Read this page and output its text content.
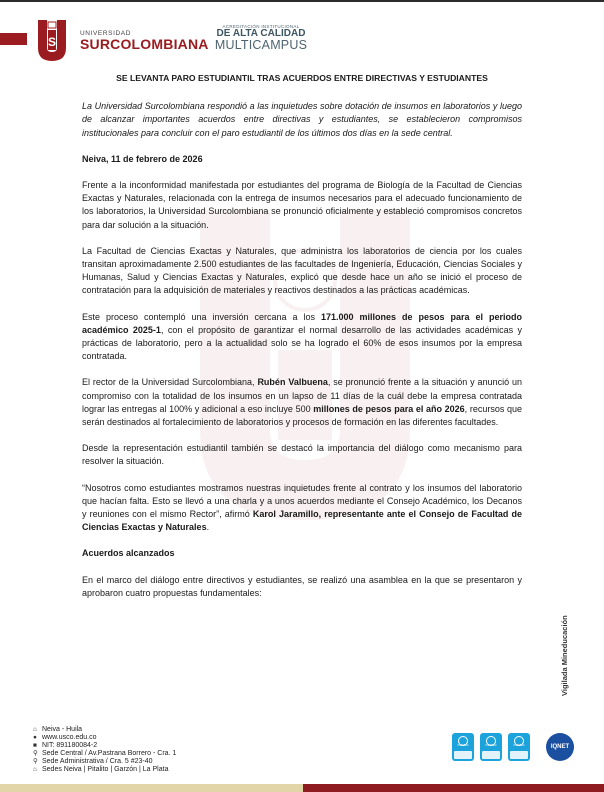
S
UNIVERSIDAD
SURCOLOMBIANA
ACREDITACIÓN INSTITUCIONAL
DE ALTA CALIDAD
MULTICAMPUS

SE LEVANTA PARO ESTUDIANTIL TRAS ACUERDOS ENTRE DIRECTIVAS Y ESTUDIANTES

La Universidad Surcolombiana respondió a las inquietudes sobre dotación de insumos en laboratorios y luego de alcanzar importantes acuerdos entre directivas y estudiantes, se establecieron compromisos institucionales para concluir con el paro estudiantil de los últimos dos días en la sede central.

Neiva, 11 de febrero de 2026

Frente a la inconformidad manifestada por estudiantes del programa de Biología de la Facultad de Ciencias Exactas y Naturales, relacionada con la entrega de insumos necesarios para el adecuado funcionamiento de los laboratorios, la Universidad Surcolombiana se pronunció oficialmente y estableció compromisos concretos para dar solución a la situación.

La Facultad de Ciencias Exactas y Naturales, que administra los laboratorios de ciencia por los cuales transitan aproximadamente 2.500 estudiantes de las facultades de Ingeniería, Educación, Ciencias Sociales y Humanas, Salud y Ciencias Exactas y Naturales, explicó que desde hace un año se inició el proceso de contratación para la adquisición de materiales y reactivos destinados a las prácticas académicas.

Este proceso contempló una inversión cercana a los 171.000 millones de pesos para el periodo académico 2025-1, con el propósito de garantizar el normal desarrollo de las actividades académicas y prácticas de laboratorio, pero a la actualidad solo se ha logrado el 60% de esos insumos por la empresa contratada.

El rector de la Universidad Surcolombiana, Rubén Valbuena, se pronunció frente a la situación y anunció un compromiso con la totalidad de los insumos en un lapso de 11 días de la cuál debe la empresa contratada lograr las entregas al 100% y adicional a eso incluye 500 millones de pesos para el año 2026, recursos que serán destinados al fortalecimiento de laboratorios y procesos de formación en las diferentes facultades.

Desde la representación estudiantil también se destacó la importancia del diálogo como mecanismo para resolver la situación.

“Nosotros como estudiantes mostramos nuestras inquietudes frente al contrato y los insumos del laboratorio que hacían falta. Esto se llevó a una charla y a unos acuerdos mediante el Consejo Académico, los Decanos y reuniones con el mismo Rector”, afirmó Karol Jaramillo, representante ante el Consejo de Facultad de Ciencias Exactas y Naturales.

Acuerdos alcanzados

En el marco del diálogo entre directivos y estudiantes, se realizó una asamblea en la que se presentaron y aprobaron cuatro propuestas fundamentales:

Vigilada Mineducación
⌂ Neiva - Huila
● www.usco.edu.co
■ NIT: 891180084-2
⚲ Sede Central / Av.Pastrana Borrero - Cra. 1
⚲ Sede Administrativa / Cra. 5 #23-40
⌂ Sedes Neiva | Pitalito | Garzón | La Plata
ICONTEC	ICONTEC	ICONTEC	IQNET
